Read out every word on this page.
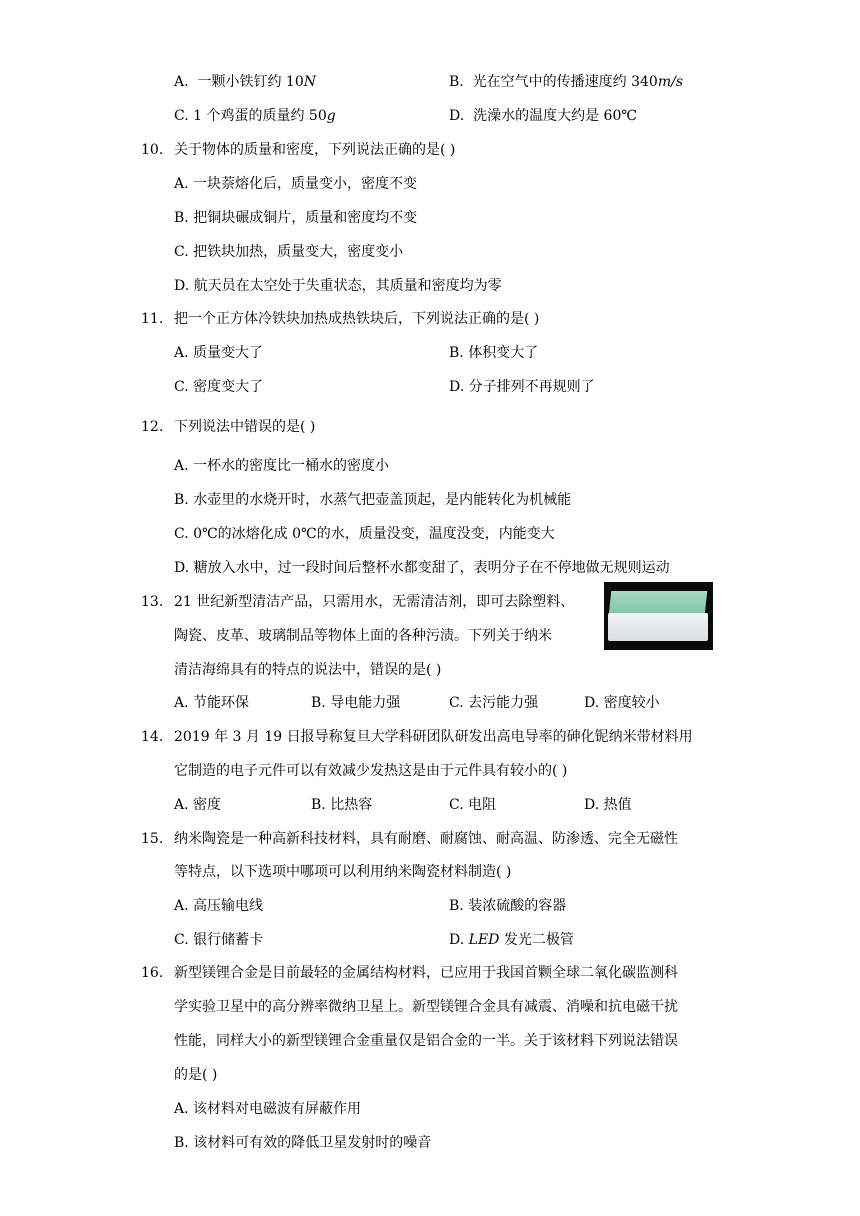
A. 一颗小铁钉约 10N	B. 光在空气中的传播速度约 340m/s
C. 1 个鸡蛋的质量约 50g	D. 洗澡水的温度大约是 60℃
10. 关于物体的质量和密度，下列说法正确的是( )
A. 一块萘熔化后，质量变小，密度不变
B. 把铜块碾成铜片，质量和密度均不变
C. 把铁块加热，质量变大，密度变小
D. 航天员在太空处于失重状态，其质量和密度均为零
11. 把一个正方体冷铁块加热成热铁块后，下列说法正确的是( )
A. 质量变大了	B. 体积变大了
C. 密度变大了	D. 分子排列不再规则了
12. 下列说法中错误的是( )
A. 一杯水的密度比一桶水的密度小
B. 水壶里的水烧开时，水蒸气把壶盖顶起，是内能转化为机械能
C. 0℃的冰熔化成 0℃的水，质量没变，温度没变，内能变大
D. 糖放入水中，过一段时间后整杯水都变甜了，表明分子在不停地做无规则运动
13. 21 世纪新型清洁产品，只需用水，无需清洁剂，即可去除塑料、
陶瓷、皮革、玻璃制品等物体上面的各种污渍。下列关于纳米
清洁海绵具有的特点的说法中，错误的是( )
A. 节能环保	B. 导电能力强	C. 去污能力强	D. 密度较小
14. 2019 年 3 月 19 日报导称复旦大学科研团队研发出高电导率的砷化铌纳米带材料用
它制造的电子元件可以有效减少发热这是由于元件具有较小的( )
A. 密度	B. 比热容	C. 电阻	D. 热值
15. 纳米陶瓷是一种高新科技材料，具有耐磨、耐腐蚀、耐高温、防渗透、完全无磁性
等特点，以下选项中哪项可以利用纳米陶瓷材料制造( )
A. 高压输电线	B. 装浓硫酸的容器
C. 银行储蓄卡	D. LED 发光二极管
16. 新型镁锂合金是目前最轻的金属结构材料，已应用于我国首颗全球二氧化碳监测科
学实验卫星中的高分辨率微纳卫星上。新型镁锂合金具有减震、消噪和抗电磁干扰
性能，同样大小的新型镁锂合金重量仅是铝合金的一半。关于该材料下列说法错误
的是( )
A. 该材料对电磁波有屏蔽作用
B. 该材料可有效的降低卫星发射时的噪音
